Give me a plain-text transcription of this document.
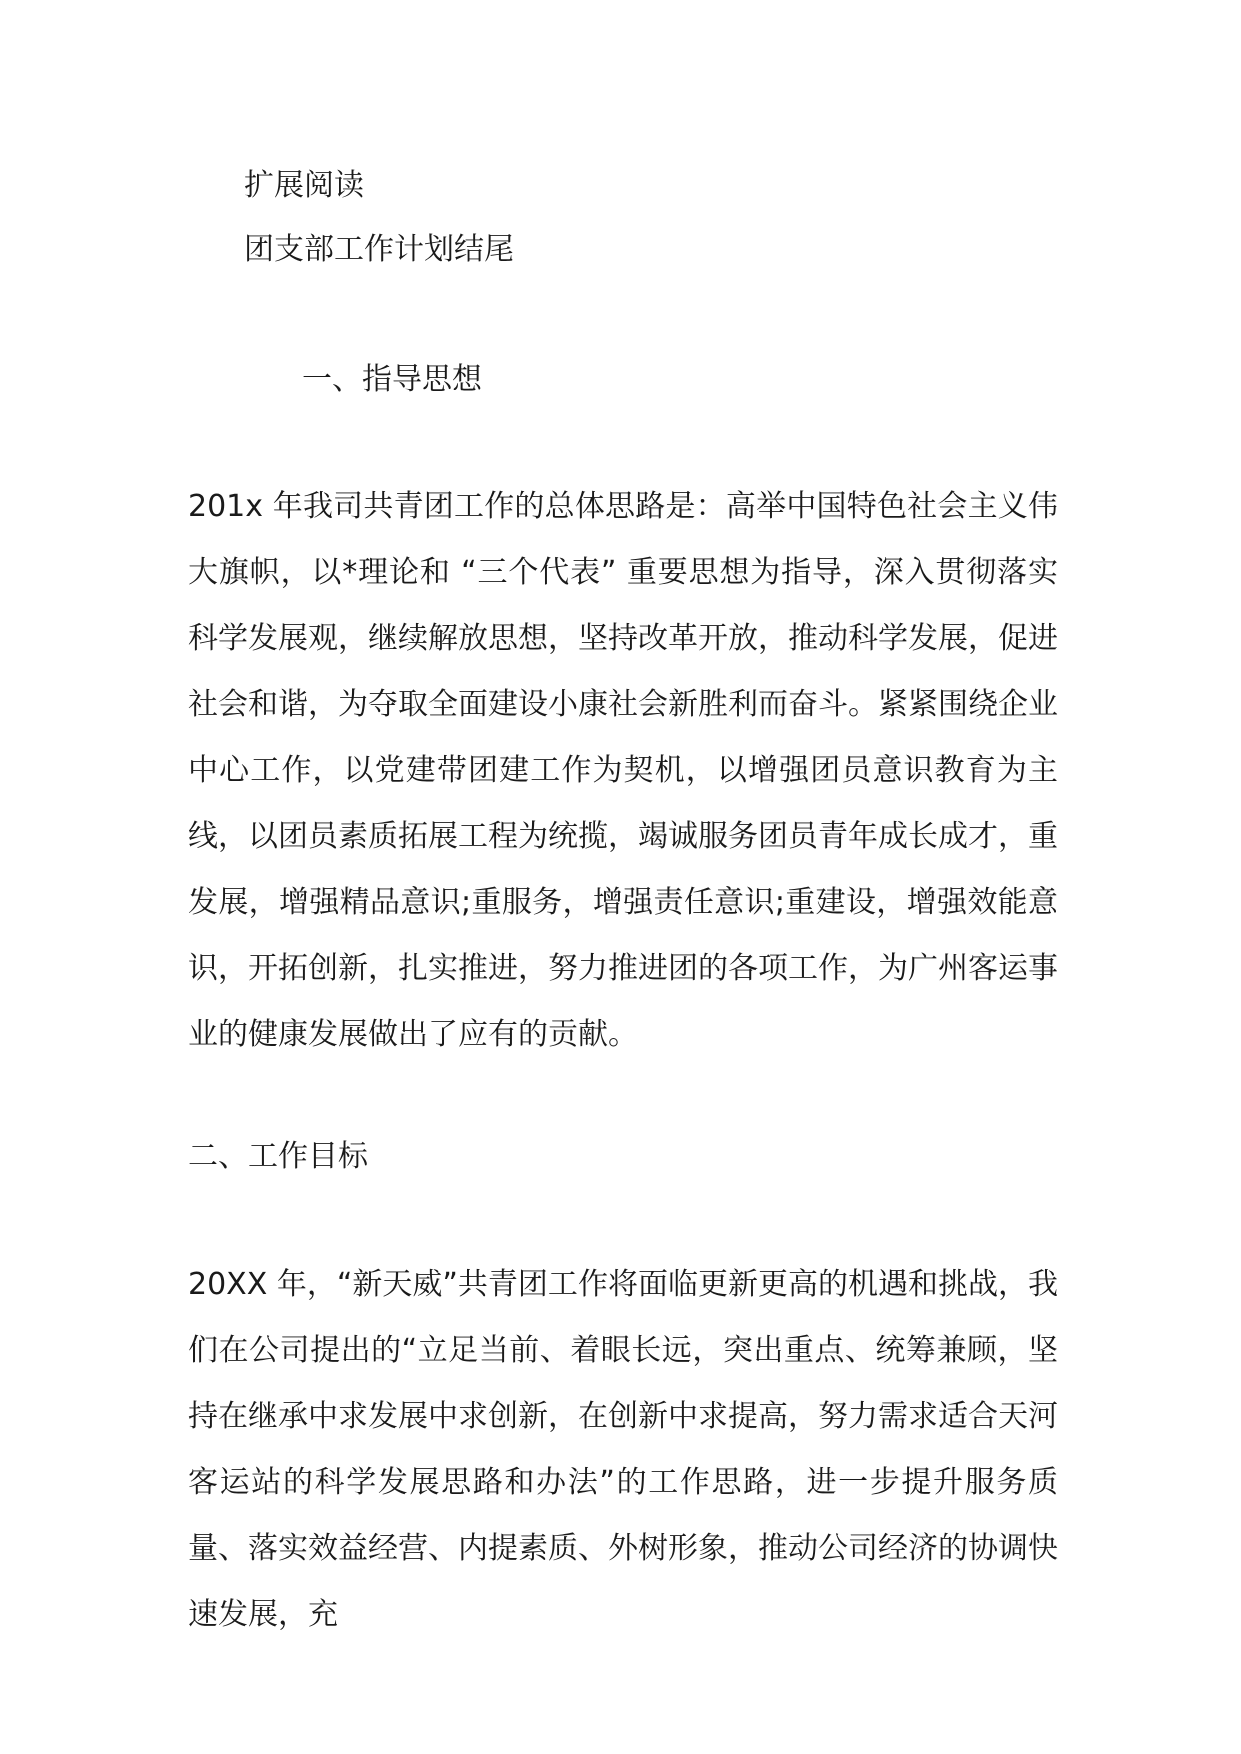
扩展阅读

团支部工作计划结尾

一、指导思想

201x 年我司共青团工作的总体思路是：高举中国特色社会主义伟大旗帜，以*理论和 “三个代表” 重要思想为指导，深入贯彻落实科学发展观，继续解放思想，坚持改革开放，推动科学发展，促进社会和谐，为夺取全面建设小康社会新胜利而奋斗。紧紧围绕企业中心工作，以党建带团建工作为契机，以增强团员意识教育为主线，以团员素质拓展工程为统揽，竭诚服务团员青年成长成才，重发展，增强精品意识;重服务，增强责任意识;重建设，增强效能意识，开拓创新，扎实推进，努力推进团的各项工作，为广州客运事业的健康发展做出了应有的贡献。

二、工作目标

20XX 年，“新天威”共青团工作将面临更新更高的机遇和挑战，我们在公司提出的“立足当前、着眼长远，突出重点、统筹兼顾，坚持在继承中求发展中求创新，在创新中求提高，努力需求适合天河客运站的科学发展思路和办法”的工作思路，进一步提升服务质量、落实效益经营、内提素质、外树形象，推动公司经济的协调快速发展，充
